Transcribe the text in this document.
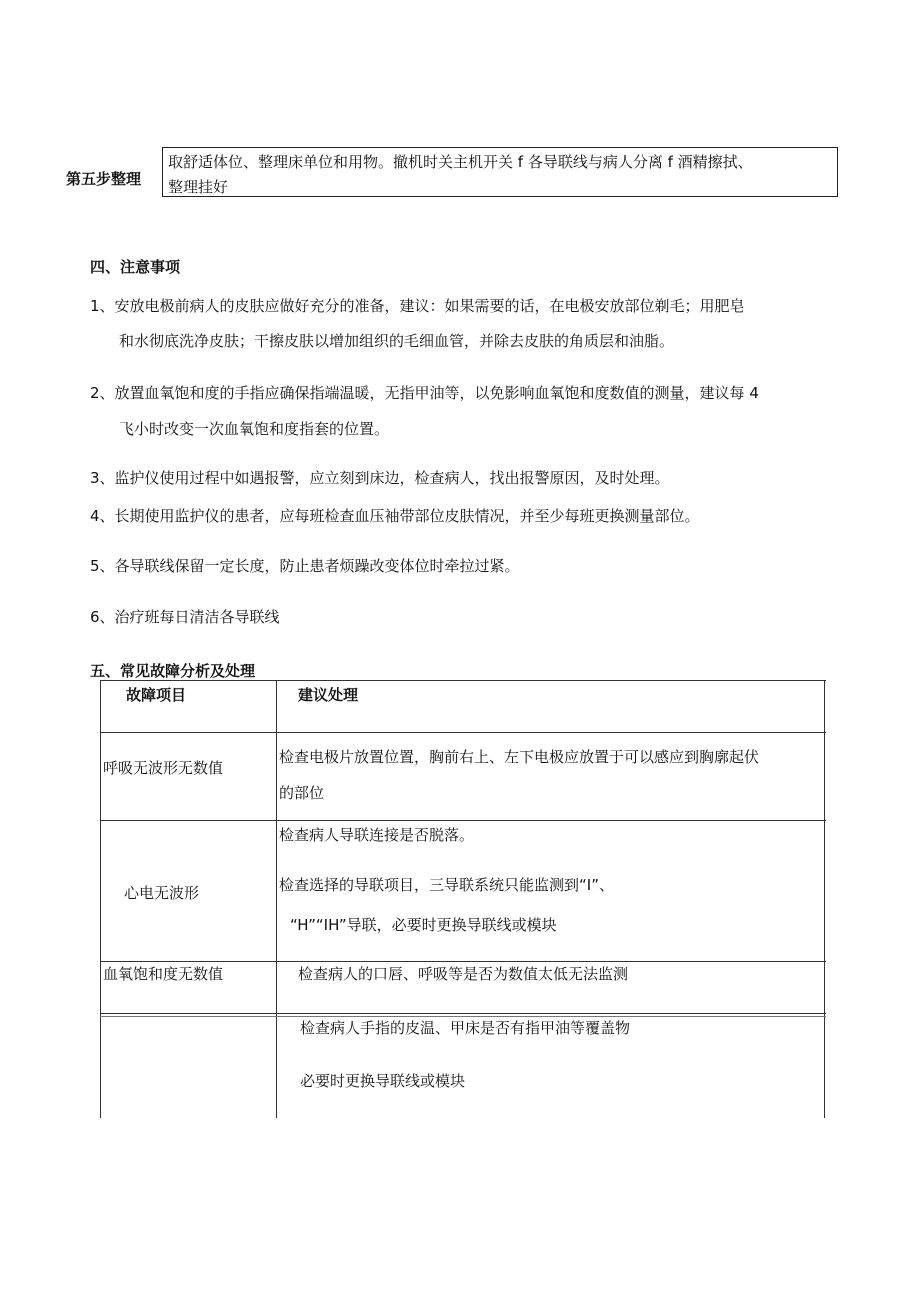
第五步整理
取舒适体位、整理床单位和用物。撤机时关主机开关 f 各导联线与病人分离 f 酒精擦拭、
整理挂好
四、注意事项
1、安放电极前病人的皮肤应做好充分的准备，建议：如果需要的话，在电极安放部位剃毛；用肥皂
和水彻底洗净皮肤；干擦皮肤以增加组织的毛细血管，并除去皮肤的角质层和油脂。
2、放置血氧饱和度的手指应确保指端温暖，无指甲油等，以免影响血氧饱和度数值的测量，建议每 4
飞小时改变一次血氧饱和度指套的位置。
3、监护仪使用过程中如遇报警，应立刻到床边，检查病人，找出报警原因，及时处理。
4、长期使用监护仪的患者，应每班检查血压袖带部位皮肤情况，并至少每班更换测量部位。
5、各导联线保留一定长度，防止患者烦躁改变体位时牵拉过紧。
6、治疗班每日清洁各导联线
五、常见故障分析及处理
故障项目	建议处理
呼吸无波形无数值
检查电极片放置位置，胸前右上、左下电极应放置于可以感应到胸廓起伏
的部位
心电无波形
检查病人导联连接是否脱落。
检查选择的导联项目，三导联系统只能监测到“I”、
“H”“IH”导联，必要时更换导联线或模块
血氧饱和度无数值	检查病人的口唇、呼吸等是否为数值太低无法监测
检查病人手指的皮温、甲床是否有指甲油等覆盖物
必要时更换导联线或模块
